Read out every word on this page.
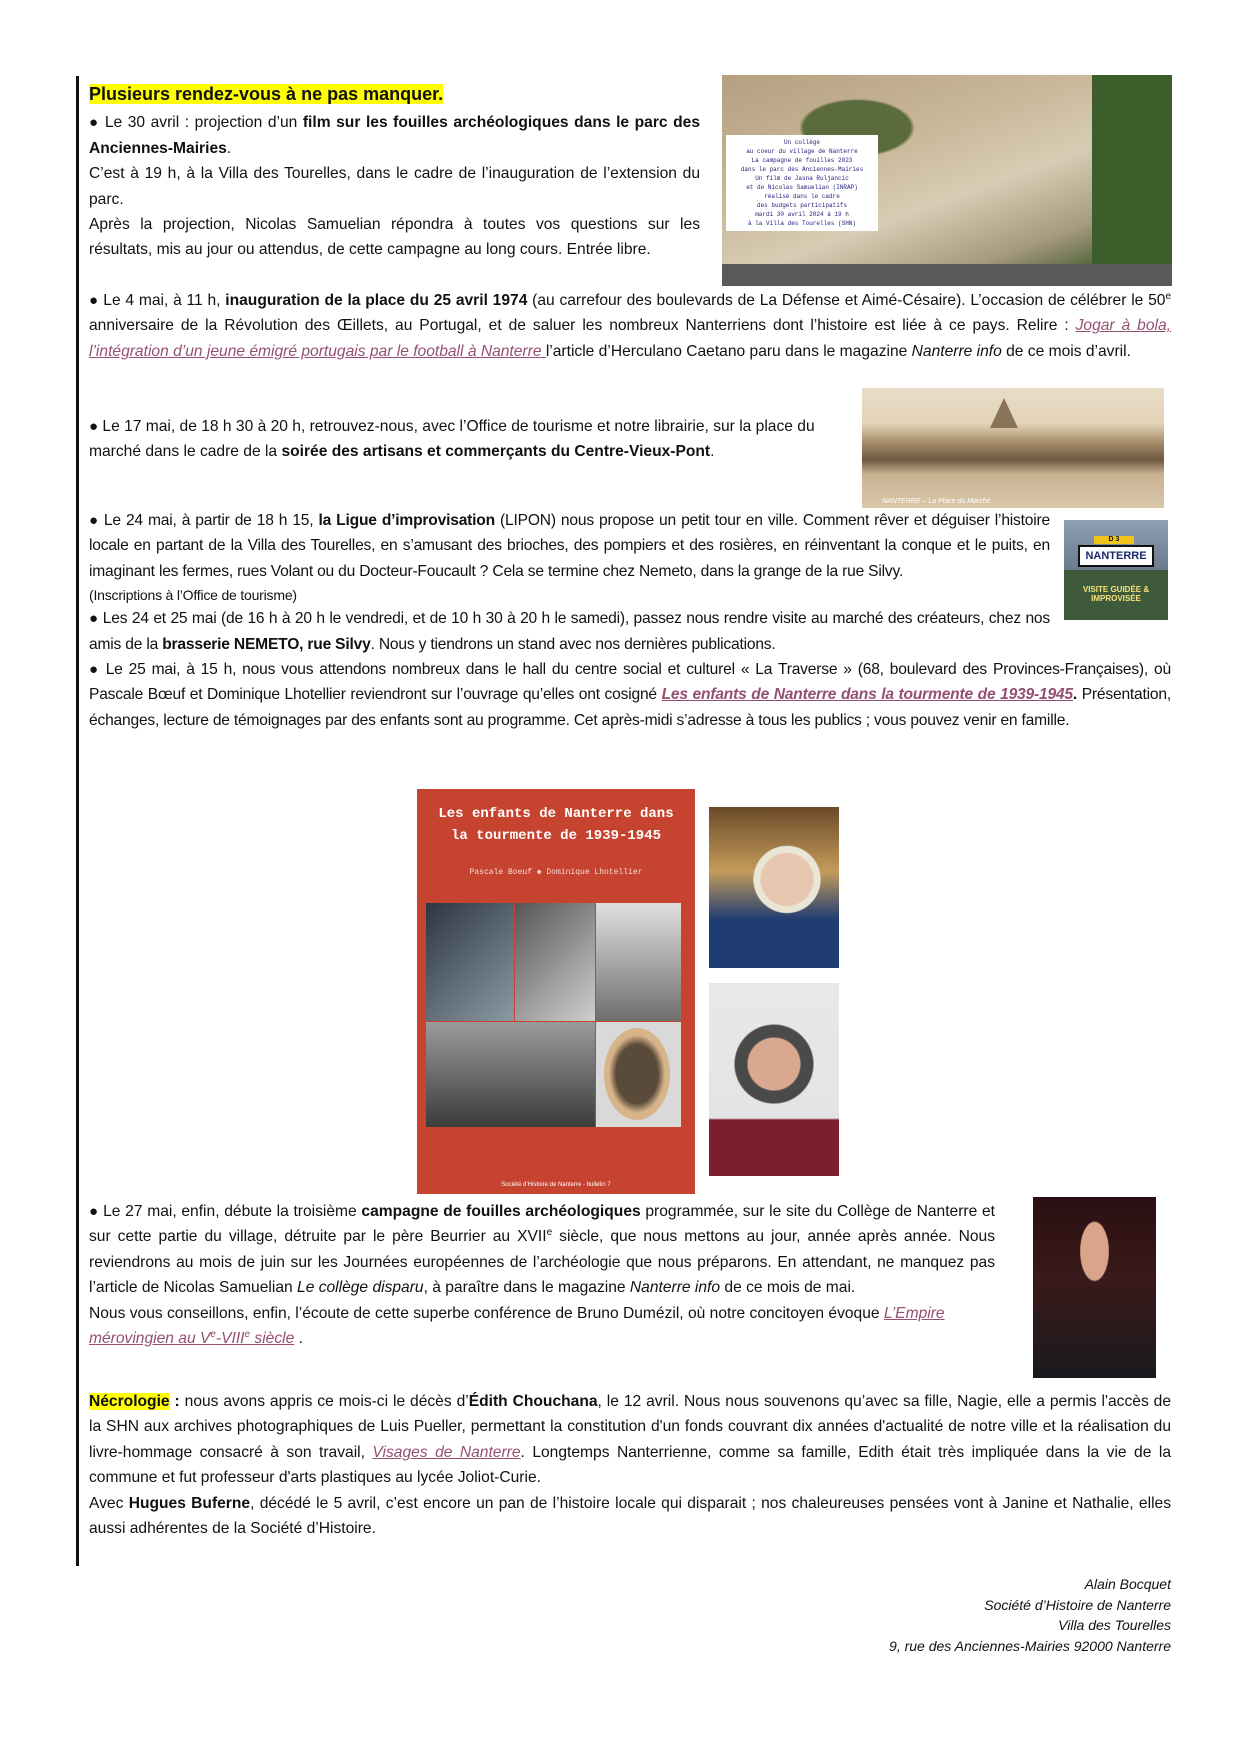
Plusieurs rendez-vous à ne pas manquer.

● Le 30 avril : projection d’un film sur les fouilles archéologiques dans le parc des Anciennes-Mairies.

C’est à 19 h, à la Villa des Tourelles, dans le cadre de l’inauguration de l’extension du parc.

Après la projection, Nicolas Samuelian répondra à toutes vos questions sur les résultats, mis au jour ou attendus, de cette campagne au long cours. Entrée libre.

Un collège
au coeur du village de Nanterre
La campagne de fouilles 2023
dans le parc des Anciennes-Mairies
Un film de Jasna Ruljancic
et de Nicolas Samuelian (INRAP)
réalisé dans le cadre
des budgets participatifs
mardi 30 avril 2024 à 19 h
à la Villa des Tourelles (SHN)

● Le 4 mai, à 11 h, inauguration de la place du 25 avril 1974 (au carrefour des boulevards de La Défense et Aimé-Césaire). L’occasion de célébrer le 50e anniversaire de la Révolution des Œillets, au Portugal, et de saluer les nombreux Nanterriens dont l’histoire est liée à ce pays. Relire : Jogar à bola, l’intégration d’un jeune émigré portugais par le football à Nanterre l’article d’Herculano Caetano paru dans le magazine Nanterre info de ce mois d’avril.

● Le 17 mai, de 18 h 30 à 20 h, retrouvez-nous, avec l’Office de tourisme et notre librairie, sur la place du marché dans le cadre de la soirée des artisans et commerçants du Centre-Vieux-Pont.

NANTERRE – La Place du Marché
D 3
NANTERRE
VISITE GUIDÉE & IMPROVISÉE

● Le 24 mai, à partir de 18 h 15, la Ligue d’improvisation (LIPON) nous propose un petit tour en ville. Comment rêver et déguiser l’histoire locale en partant de la Villa des Tourelles, en s’amusant des brioches, des pompiers et des rosières, en réinventant la conque et le puits, en imaginant les fermes, rues Volant ou du Docteur-Foucault ? Cela se termine chez Nemeto, dans la grange de la rue Silvy.

(Inscriptions à l’Office de tourisme)

● Les 24 et 25 mai (de 16 h à 20 h le vendredi, et de 10 h 30 à 20 h le samedi), passez nous rendre visite au marché des créateurs, chez nos amis de la brasserie NEMETO, rue Silvy. Nous y tiendrons un stand avec nos dernières publications.

● Le 25 mai, à 15 h, nous vous attendons nombreux dans le hall du centre social et culturel « La Traverse » (68, boulevard des Provinces-Françaises), où Pascale Bœuf et Dominique Lhotellier reviendront sur l’ouvrage qu’elles ont cosigné Les enfants de Nanterre dans la tourmente de 1939-1945. Présentation, échanges, lecture de témoignages par des enfants sont au programme. Cet après-midi s’adresse à tous les publics ; vous pouvez venir en famille.

Les enfants de Nanterre dans la tourmente de 1939-1945
Pascale Boeuf ◆ Dominique Lhotellier
Société d’Histoire de Nanterre - bulletin 7

● Le 27 mai, enfin, débute la troisième campagne de fouilles archéologiques programmée, sur le site du Collège de Nanterre et sur cette partie du village, détruite par le père Beurrier au XVIIe siècle, que nous mettons au jour, année après année. Nous reviendrons au mois de juin sur les Journées européennes de l’archéologie que nous préparons. En attendant, ne manquez pas l’article de Nicolas Samuelian Le collège disparu, à paraître dans le magazine Nanterre info de ce mois de mai.

Nous vous conseillons, enfin, l’écoute de cette superbe conférence de Bruno Dumézil, où notre concitoyen évoque L’Empire mérovingien au Ve-VIIIe siècle .

Nécrologie : nous avons appris ce mois-ci le décès d’Édith Chouchana, le 12 avril. Nous nous souvenons qu’avec sa fille, Nagie, elle a permis l'accès de la SHN aux archives photographiques de Luis Pueller, permettant la constitution d'un fonds couvrant dix années d'actualité de notre ville et la réalisation du livre-hommage consacré à son travail, Visages de Nanterre. Longtemps Nanterrienne, comme sa famille, Edith était très impliquée dans la vie de la commune et fut professeur d'arts plastiques au lycée Joliot-Curie.

Avec Hugues Buferne, décédé le 5 avril, c’est encore un pan de l’histoire locale qui disparait ; nos chaleureuses pensées vont à Janine et Nathalie, elles aussi adhérentes de la Société d’Histoire.

Alain Bocquet
Société d’Histoire de Nanterre
Villa des Tourelles
9, rue des Anciennes-Mairies 92000 Nanterre
